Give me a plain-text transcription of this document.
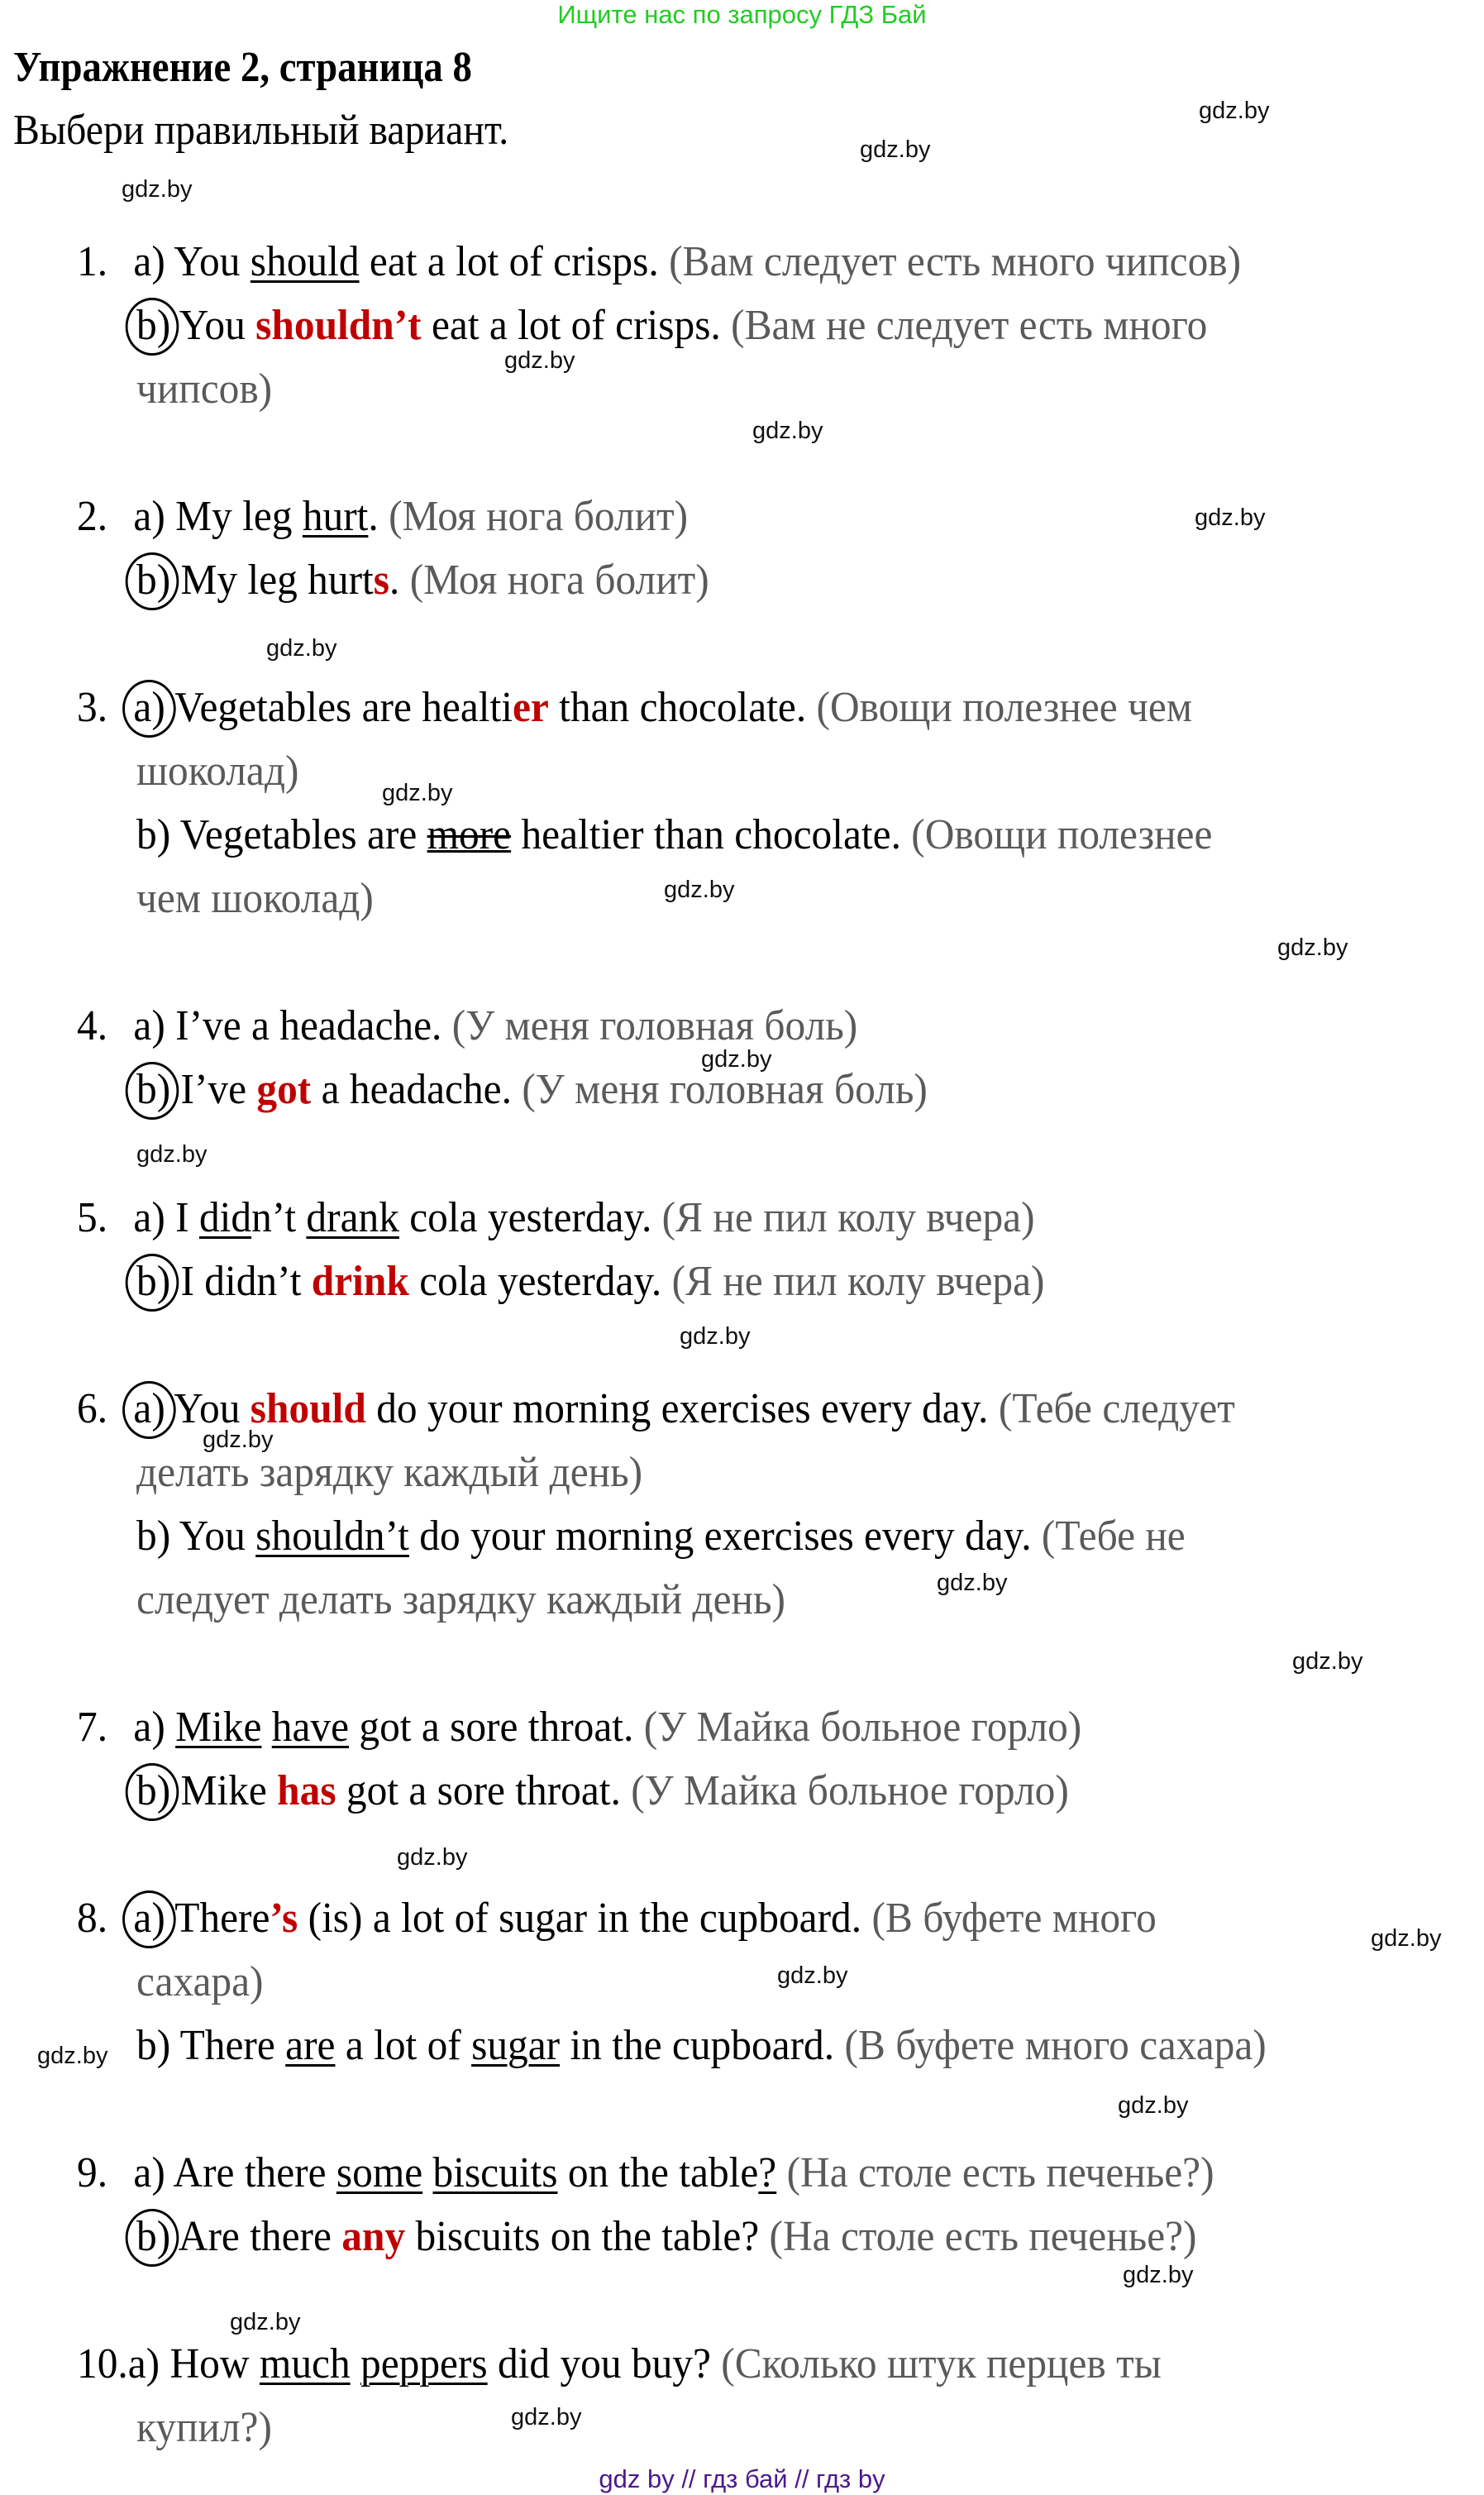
Ищите нас по запросу ГДЗ Бай
Упражнение 2, страница 8
Выбери правильный вариант.
1. a) You should eat a lot of crisps. (Вам следует есть много чипсов)
b) You shouldn’t eat a lot of crisps. (Вам не следует есть много
чипсов)
2. a) My leg hurt. (Моя нога болит)
b) My leg hurts. (Моя нога болит)
3. a) Vegetables are healtier than chocolate. (Овощи полезнее чем
шоколад)
b) Vegetables are more healtier than chocolate. (Овощи полезнее
чем шоколад)
4. a) I’ve a headache. (У меня головная боль)
b) I’ve got a headache. (У меня головная боль)
5. a) I didn’t drank cola yesterday. (Я не пил колу вчера)
b) I didn’t drink cola yesterday. (Я не пил колу вчера)
6. a) You should do your morning exercises every day. (Тебе следует
делать зарядку каждый день)
b) You shouldn’t do your morning exercises every day. (Тебе не
следует делать зарядку каждый день)
7. a) Mike have got a sore throat. (У Майка больное горло)
b) Mike has got a sore throat. (У Майка больное горло)
8. a) There’s (is) a lot of sugar in the cupboard. (В буфете много
сахара)
b) There are a lot of sugar in the cupboard. (В буфете много сахара)
9. a) Are there some biscuits on the table? (На столе есть печенье?)
b) Are there any biscuits on the table? (На столе есть печенье?)
10.a) How much peppers did you buy? (Сколько штук перцев ты
купил?)
gdz.by
gdz.by
gdz.by
gdz.by
gdz.by
gdz.by
gdz.by
gdz.by
gdz.by
gdz.by
gdz.by
gdz.by
gdz.by
gdz.by
gdz.by
gdz.by
gdz.by
gdz.by
gdz.by
gdz.by
gdz.by
gdz.by
gdz.by
gdz.by
gdz by // гдз бай // гдз by
